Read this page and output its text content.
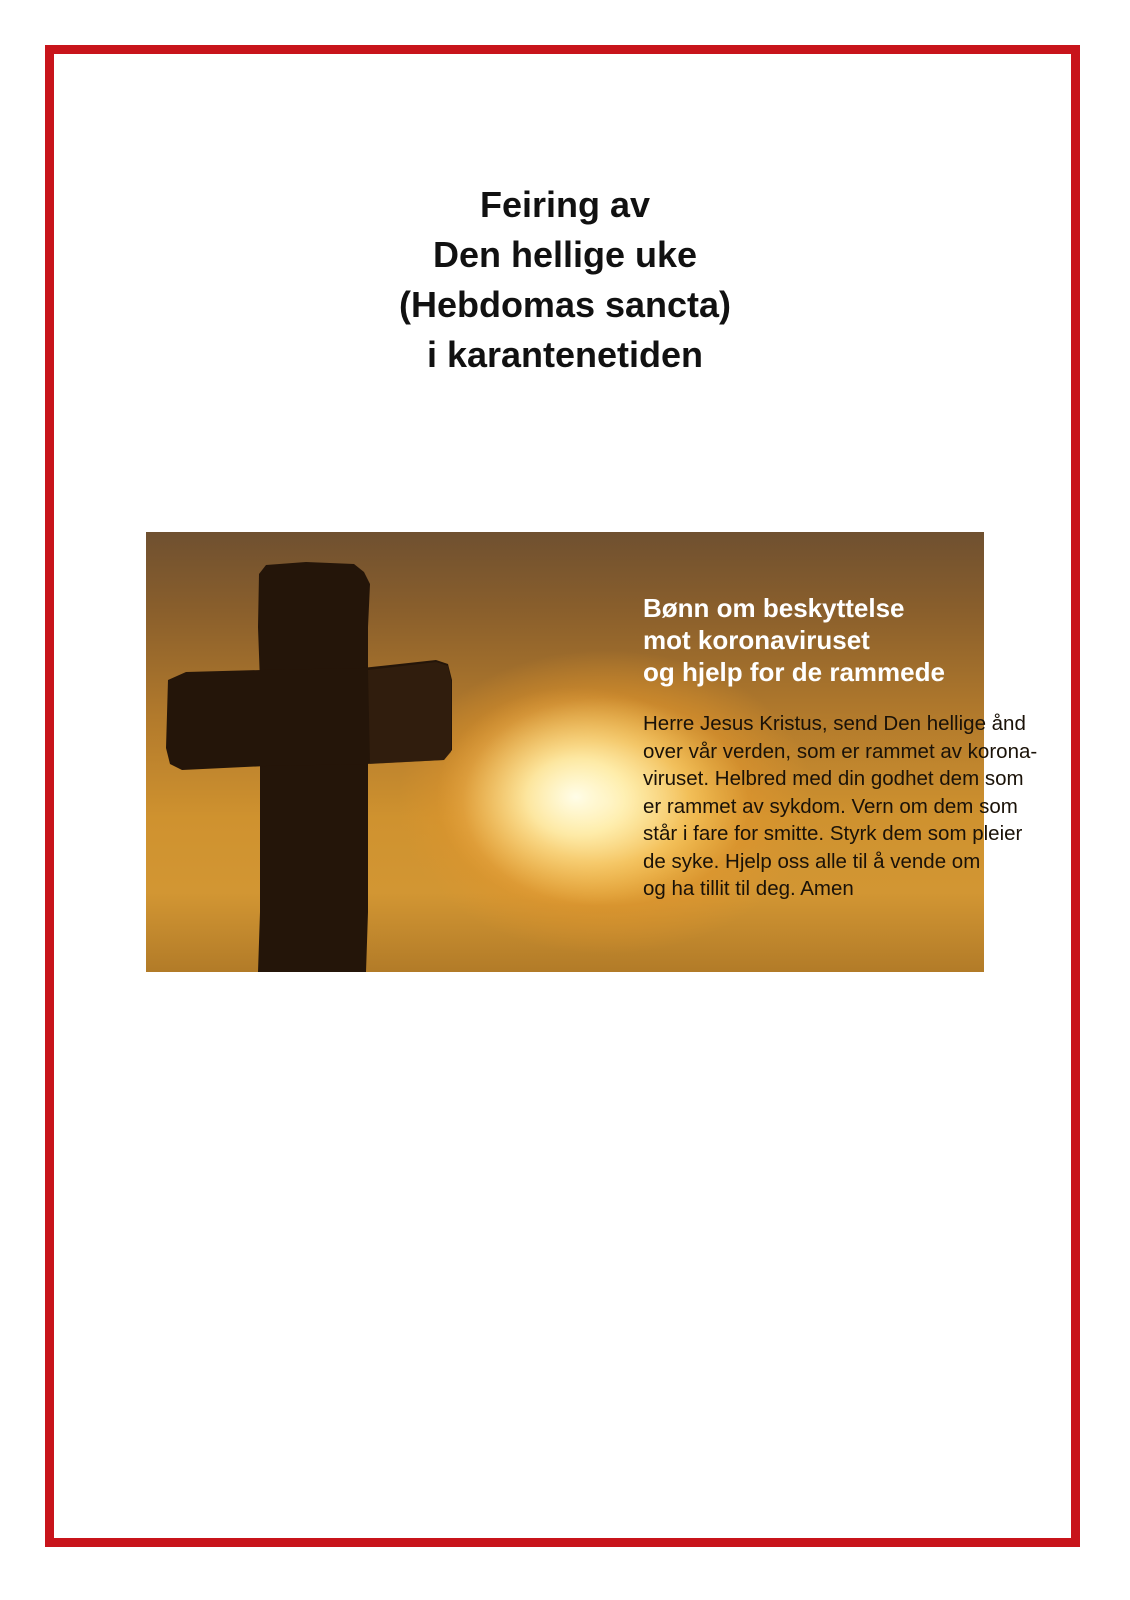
Feiring av
Den hellige uke
(Hebdomas sancta)
i karantenetiden
Bønn om beskyttelse
mot koronaviruset
og hjelp for de rammede
Herre Jesus Kristus, send Den hellige ånd
over vår verden, som er rammet av korona-
viruset. Helbred med din godhet dem som
er rammet av sykdom. Vern om dem som
står i fare for smitte. Styrk dem som pleier
de syke. Hjelp oss alle til å vende om
og ha tillit til deg. Amen
